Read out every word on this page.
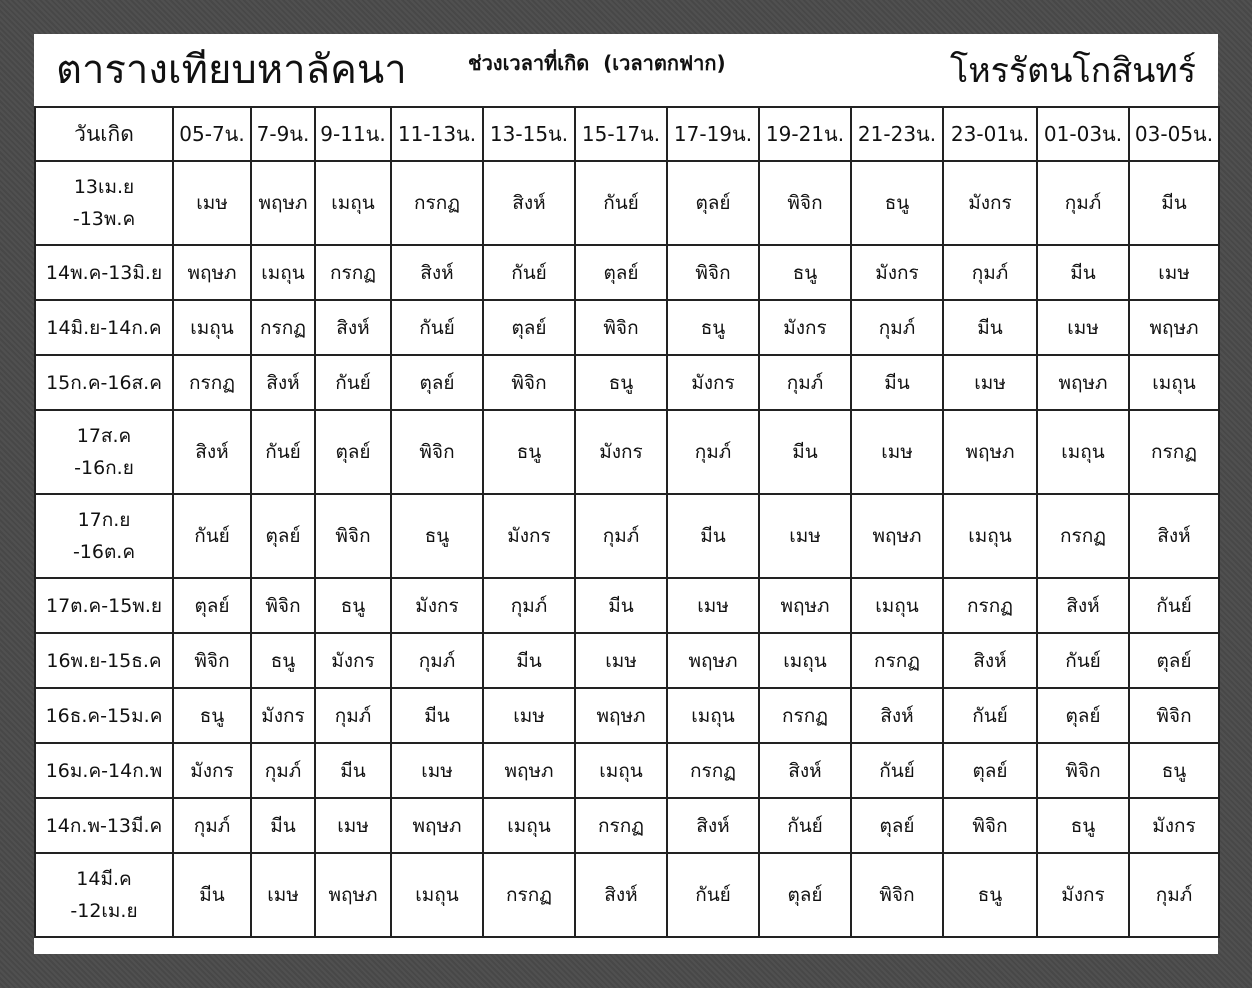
ตารางเทียบหาลัคนา	ช่วงเวลาที่เกิด  (เวลาตกฟาก)	โหรรัตนโกสินทร์
วันเกิด	05-7น.	7-9น.	9-11น.	11-13น.	13-15น.	15-17น.	17-19น.	19-21น.	21-23น.	23-01น.	01-03น.	03-05น.

13เม.ย
-13พ.ค	เมษ	พฤษภ	เมถุน	กรกฏ	สิงห์	กันย์	ตุลย์	พิจิก	ธนู	มังกร	กุมภ์	มีน

14พ.ค-13มิ.ย	พฤษภ	เมถุน	กรกฏ	สิงห์	กันย์	ตุลย์	พิจิก	ธนู	มังกร	กุมภ์	มีน	เมษ

14มิ.ย-14ก.ค	เมถุน	กรกฏ	สิงห์	กันย์	ตุลย์	พิจิก	ธนู	มังกร	กุมภ์	มีน	เมษ	พฤษภ

15ก.ค-16ส.ค	กรกฏ	สิงห์	กันย์	ตุลย์	พิจิก	ธนู	มังกร	กุมภ์	มีน	เมษ	พฤษภ	เมถุน

17ส.ค
-16ก.ย	สิงห์	กันย์	ตุลย์	พิจิก	ธนู	มังกร	กุมภ์	มีน	เมษ	พฤษภ	เมถุน	กรกฏ

17ก.ย
-16ต.ค	กันย์	ตุลย์	พิจิก	ธนู	มังกร	กุมภ์	มีน	เมษ	พฤษภ	เมถุน	กรกฏ	สิงห์

17ต.ค-15พ.ย	ตุลย์	พิจิก	ธนู	มังกร	กุมภ์	มีน	เมษ	พฤษภ	เมถุน	กรกฏ	สิงห์	กันย์

16พ.ย-15ธ.ค	พิจิก	ธนู	มังกร	กุมภ์	มีน	เมษ	พฤษภ	เมถุน	กรกฏ	สิงห์	กันย์	ตุลย์

16ธ.ค-15ม.ค	ธนู	มังกร	กุมภ์	มีน	เมษ	พฤษภ	เมถุน	กรกฏ	สิงห์	กันย์	ตุลย์	พิจิก

16ม.ค-14ก.พ	มังกร	กุมภ์	มีน	เมษ	พฤษภ	เมถุน	กรกฏ	สิงห์	กันย์	ตุลย์	พิจิก	ธนู

14ก.พ-13มี.ค	กุมภ์	มีน	เมษ	พฤษภ	เมถุน	กรกฏ	สิงห์	กันย์	ตุลย์	พิจิก	ธนู	มังกร

14มี.ค
-12เม.ย	มีน	เมษ	พฤษภ	เมถุน	กรกฏ	สิงห์	กันย์	ตุลย์	พิจิก	ธนู	มังกร	กุมภ์
